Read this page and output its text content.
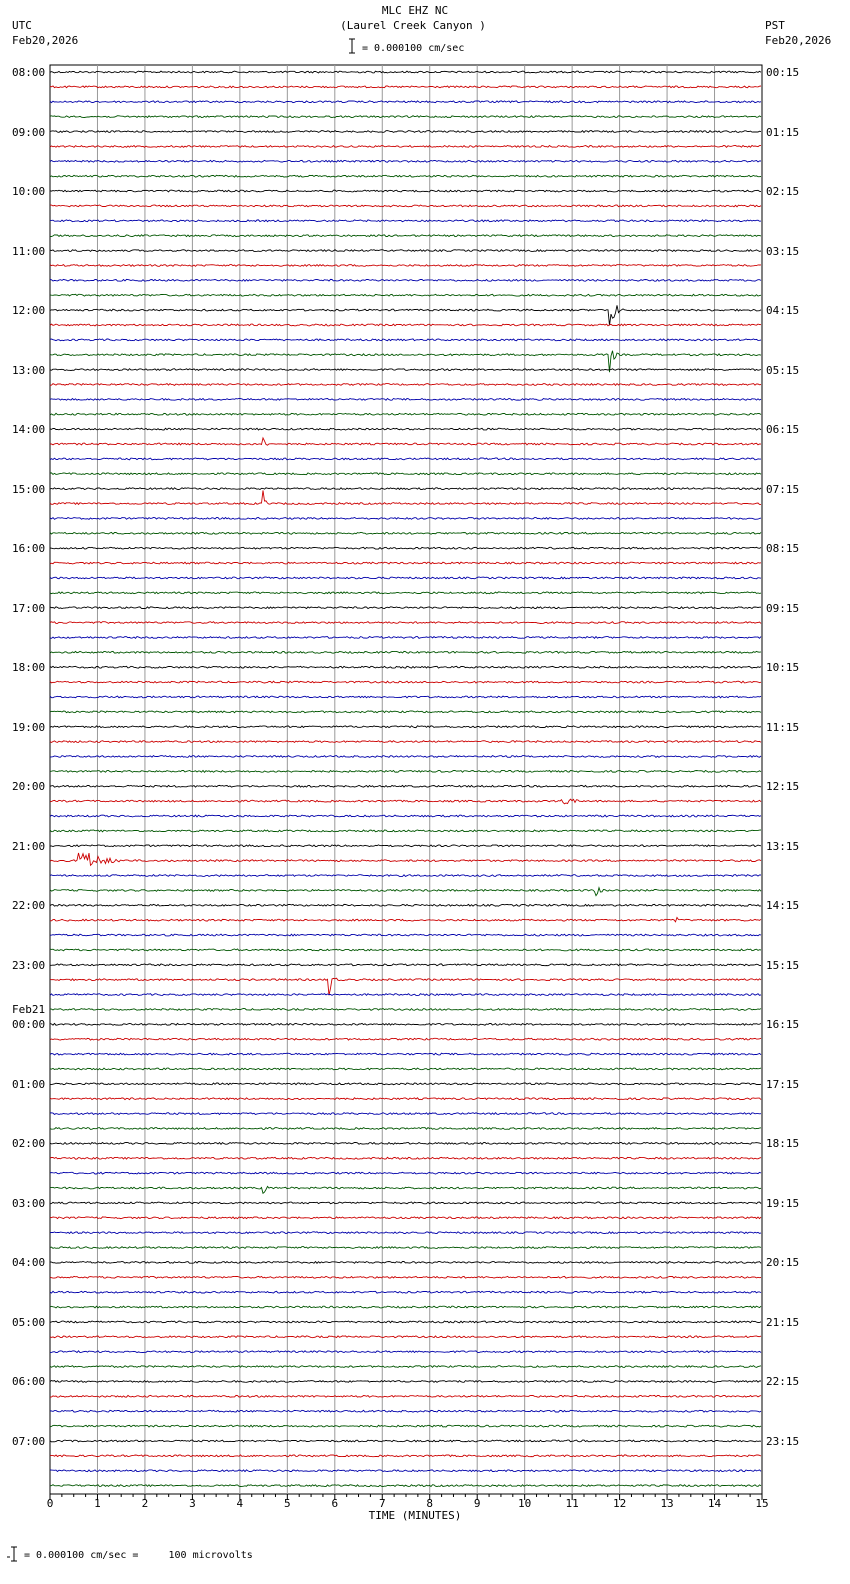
MLC EHZ NC
(Laurel Creek Canyon )
= 0.000100 cm/sec
UTC
Feb20,2026
PST
Feb20,2026
08:00
09:00
10:00
11:00
12:00
13:00
14:00
15:00
16:00
17:00
18:00
19:00
20:00
21:00
22:00
23:00
00:00
Feb21
01:00
02:00
03:00
04:00
05:00
06:00
07:00
00:15
01:15
02:15
03:15
04:15
05:15
06:15
07:15
08:15
09:15
10:15
11:15
12:15
13:15
14:15
15:15
16:15
17:15
18:15
19:15
20:15
21:15
22:15
23:15
0	1	2	3	4	5	6	7	8	9	10	11	12	13	14	15
TIME (MINUTES)
= 0.000100 cm/sec =     100 microvolts
